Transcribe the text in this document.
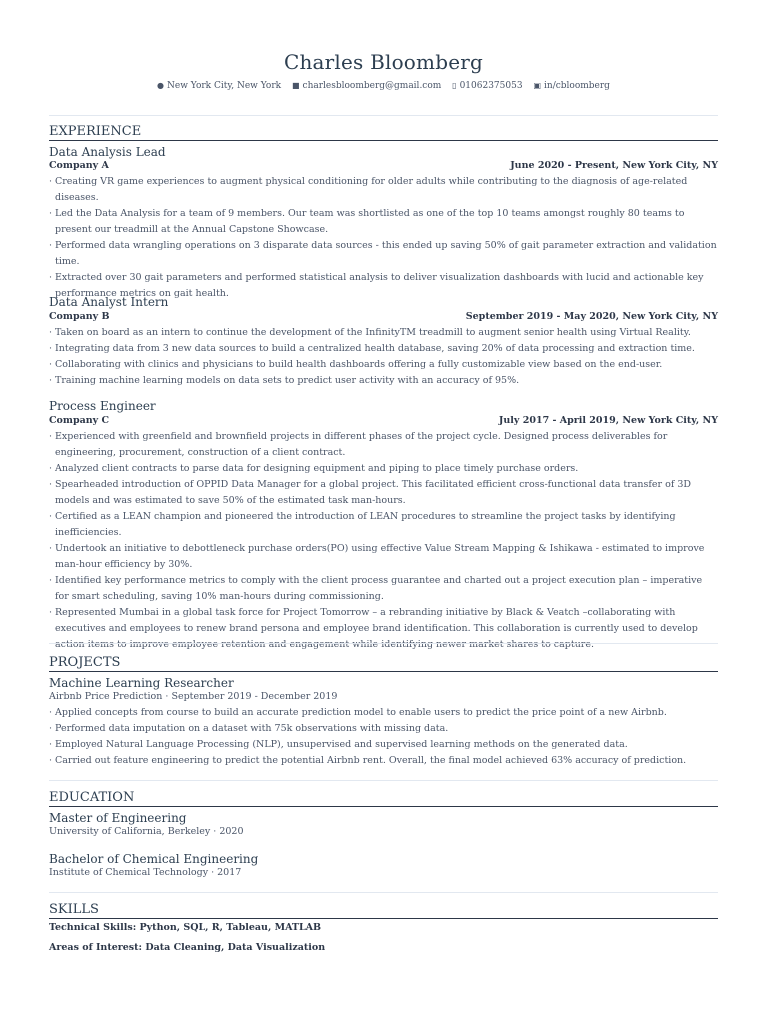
Charles Bloomberg
● New York City, New York ■ charlesbloomberg@gmail.com ▯ 01062375053 ▣ in/cbloomberg
EXPERIENCE
Data Analysis Lead
Company A	June 2020 - Present, New York City, NY
· Creating VR game experiences to augment physical conditioning for older adults while contributing to the diagnosis of age-related diseases.
· Led the Data Analysis for a team of 9 members. Our team was shortlisted as one of the top 10 teams amongst roughly 80 teams to present our treadmill at the Annual Capstone Showcase.
· Performed data wrangling operations on 3 disparate data sources - this ended up saving 50% of gait parameter extraction and validation time.
· Extracted over 30 gait parameters and performed statistical analysis to deliver visualization dashboards with lucid and actionable key performance metrics on gait health.
Data Analyst Intern
Company B	September 2019 - May 2020, New York City, NY
· Taken on board as an intern to continue the development of the InfinityTM treadmill to augment senior health using Virtual Reality.
· Integrating data from 3 new data sources to build a centralized health database, saving 20% of data processing and extraction time.
· Collaborating with clinics and physicians to build health dashboards offering a fully customizable view based on the end-user.
· Training machine learning models on data sets to predict user activity with an accuracy of 95%.
Process Engineer
Company C	July 2017 - April 2019, New York City, NY
· Experienced with greenfield and brownfield projects in different phases of the project cycle. Designed process deliverables for engineering, procurement, construction of a client contract.
· Analyzed client contracts to parse data for designing equipment and piping to place timely purchase orders.
· Spearheaded introduction of OPPID Data Manager for a global project. This facilitated efficient cross-functional data transfer of 3D models and was estimated to save 50% of the estimated task man-hours.
· Certified as a LEAN champion and pioneered the introduction of LEAN procedures to streamline the project tasks by identifying inefficiencies.
· Undertook an initiative to debottleneck purchase orders(PO) using effective Value Stream Mapping & Ishikawa - estimated to improve man-hour efficiency by 30%.
· Identified key performance metrics to comply with the client process guarantee and charted out a project execution plan – imperative for smart scheduling, saving 10% man-hours during commissioning.
· Represented Mumbai in a global task force for Project Tomorrow – a rebranding initiative by Black & Veatch –collaborating with executives and employees to renew brand persona and employee brand identification. This collaboration is currently used to develop action items to improve employee retention and engagement while identifying newer market shares to capture.
PROJECTS
Machine Learning Researcher
Airbnb Price Prediction · September 2019 - December 2019
· Applied concepts from course to build an accurate prediction model to enable users to predict the price point of a new Airbnb.
· Performed data imputation on a dataset with 75k observations with missing data.
· Employed Natural Language Processing (NLP), unsupervised and supervised learning methods on the generated data.
· Carried out feature engineering to predict the potential Airbnb rent. Overall, the final model achieved 63% accuracy of prediction.
EDUCATION
Master of Engineering
University of California, Berkeley · 2020
Bachelor of Chemical Engineering
Institute of Chemical Technology · 2017
SKILLS
Technical Skills: Python, SQL, R, Tableau, MATLAB
Areas of Interest: Data Cleaning, Data Visualization
